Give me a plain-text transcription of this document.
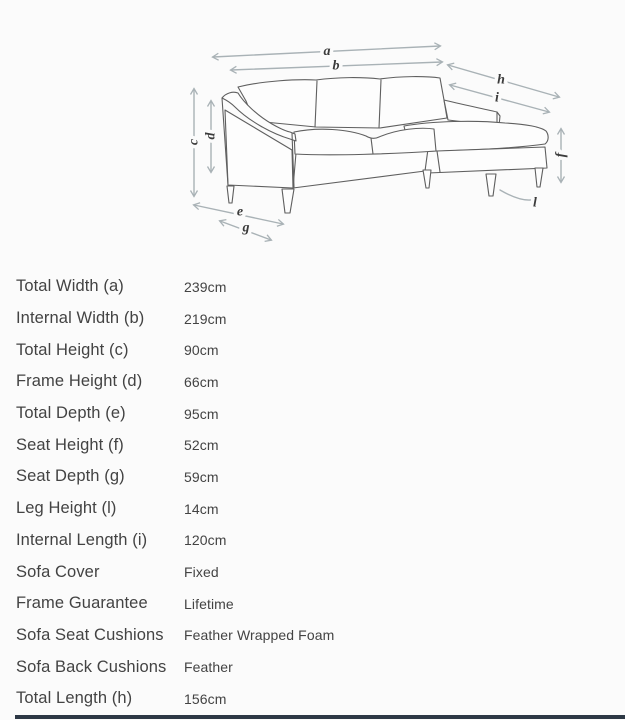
a
b
h
i
c
d
e
g
f
l
Total Width (a)	239cm
Internal Width (b)	219cm
Total Height (c)	90cm
Frame Height (d)	66cm
Total Depth (e)	95cm
Seat Height (f)	52cm
Seat Depth (g)	59cm
Leg Height (l)	14cm
Internal Length (i)	120cm
Sofa Cover	Fixed
Frame Guarantee	Lifetime
Sofa Seat Cushions	Feather Wrapped Foam
Sofa Back Cushions	Feather
Total Length (h)	156cm
